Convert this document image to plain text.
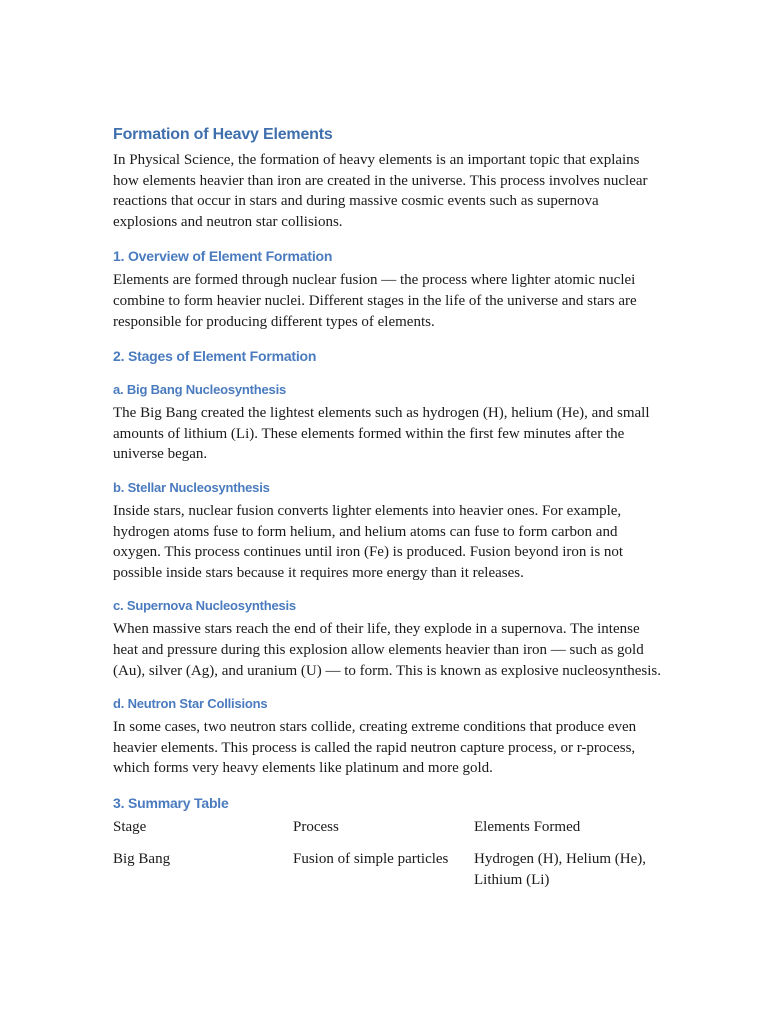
Formation of Heavy Elements

In Physical Science, the formation of heavy elements is an important topic that explains how elements heavier than iron are created in the universe. This process involves nuclear reactions that occur in stars and during massive cosmic events such as supernova explosions and neutron star collisions.

1. Overview of Element Formation

Elements are formed through nuclear fusion — the process where lighter atomic nuclei combine to form heavier nuclei. Different stages in the life of the universe and stars are responsible for producing different types of elements.

2. Stages of Element Formation
a. Big Bang Nucleosynthesis

The Big Bang created the lightest elements such as hydrogen (H), helium (He), and small amounts of lithium (Li). These elements formed within the first few minutes after the universe began.

b. Stellar Nucleosynthesis

Inside stars, nuclear fusion converts lighter elements into heavier ones. For example, hydrogen atoms fuse to form helium, and helium atoms can fuse to form carbon and oxygen. This process continues until iron (Fe) is produced. Fusion beyond iron is not possible inside stars because it requires more energy than it releases.

c. Supernova Nucleosynthesis

When massive stars reach the end of their life, they explode in a supernova. The intense heat and pressure during this explosion allow elements heavier than iron — such as gold (Au), silver (Ag), and uranium (U) — to form. This is known as explosive nucleosynthesis.

d. Neutron Star Collisions

In some cases, two neutron stars collide, creating extreme conditions that produce even heavier elements. This process is called the rapid neutron capture process, or r-process, which forms very heavy elements like platinum and more gold.

3. Summary Table
Stage	Process	Elements Formed
Big Bang	Fusion of simple particles	Hydrogen (H), Helium (He), Lithium (Li)
